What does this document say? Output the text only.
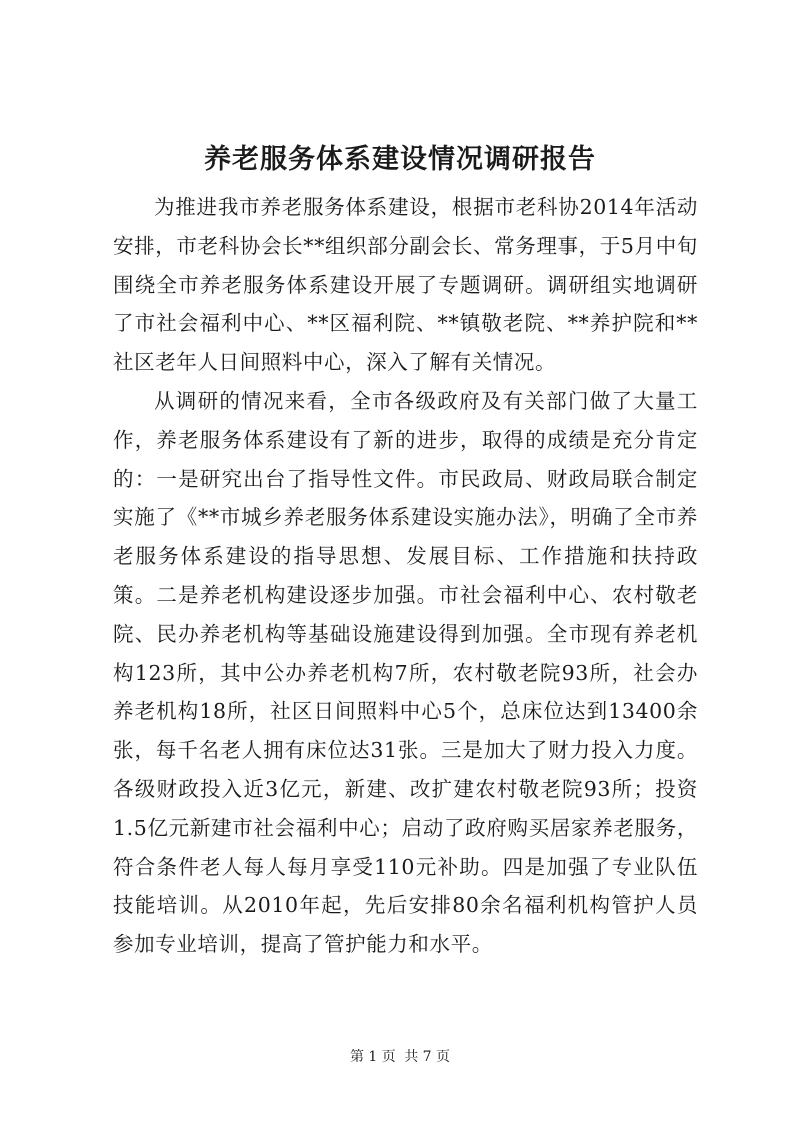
养老服务体系建设情况调研报告

为推进我市养老服务体系建设，根据市老科协2014年活动安排，市老科协会长**组织部分副会长、常务理事，于5月中旬围绕全市养老服务体系建设开展了专题调研。调研组实地调研了市社会福利中心、**区福利院、**镇敬老院、**养护院和**社区老年人日间照料中心，深入了解有关情况。

从调研的情况来看，全市各级政府及有关部门做了大量工作，养老服务体系建设有了新的进步，取得的成绩是充分肯定的：一是研究出台了指导性文件。市民政局、财政局联合制定实施了《**市城乡养老服务体系建设实施办法》，明确了全市养老服务体系建设的指导思想、发展目标、工作措施和扶持政策。二是养老机构建设逐步加强。市社会福利中心、农村敬老院、民办养老机构等基础设施建设得到加强。全市现有养老机构123所，其中公办养老机构7所，农村敬老院93所，社会办养老机构18所，社区日间照料中心5个，总床位达到13400余张，每千名老人拥有床位达31张。三是加大了财力投入力度。各级财政投入近3亿元，新建、改扩建农村敬老院93所；投资1.5亿元新建市社会福利中心；启动了政府购买居家养老服务，符合条件老人每人每月享受110元补助。四是加强了专业队伍技能培训。从2010年起，先后安排80余名福利机构管护人员参加专业培训，提高了管护能力和水平。

第 1 页 共 7 页
